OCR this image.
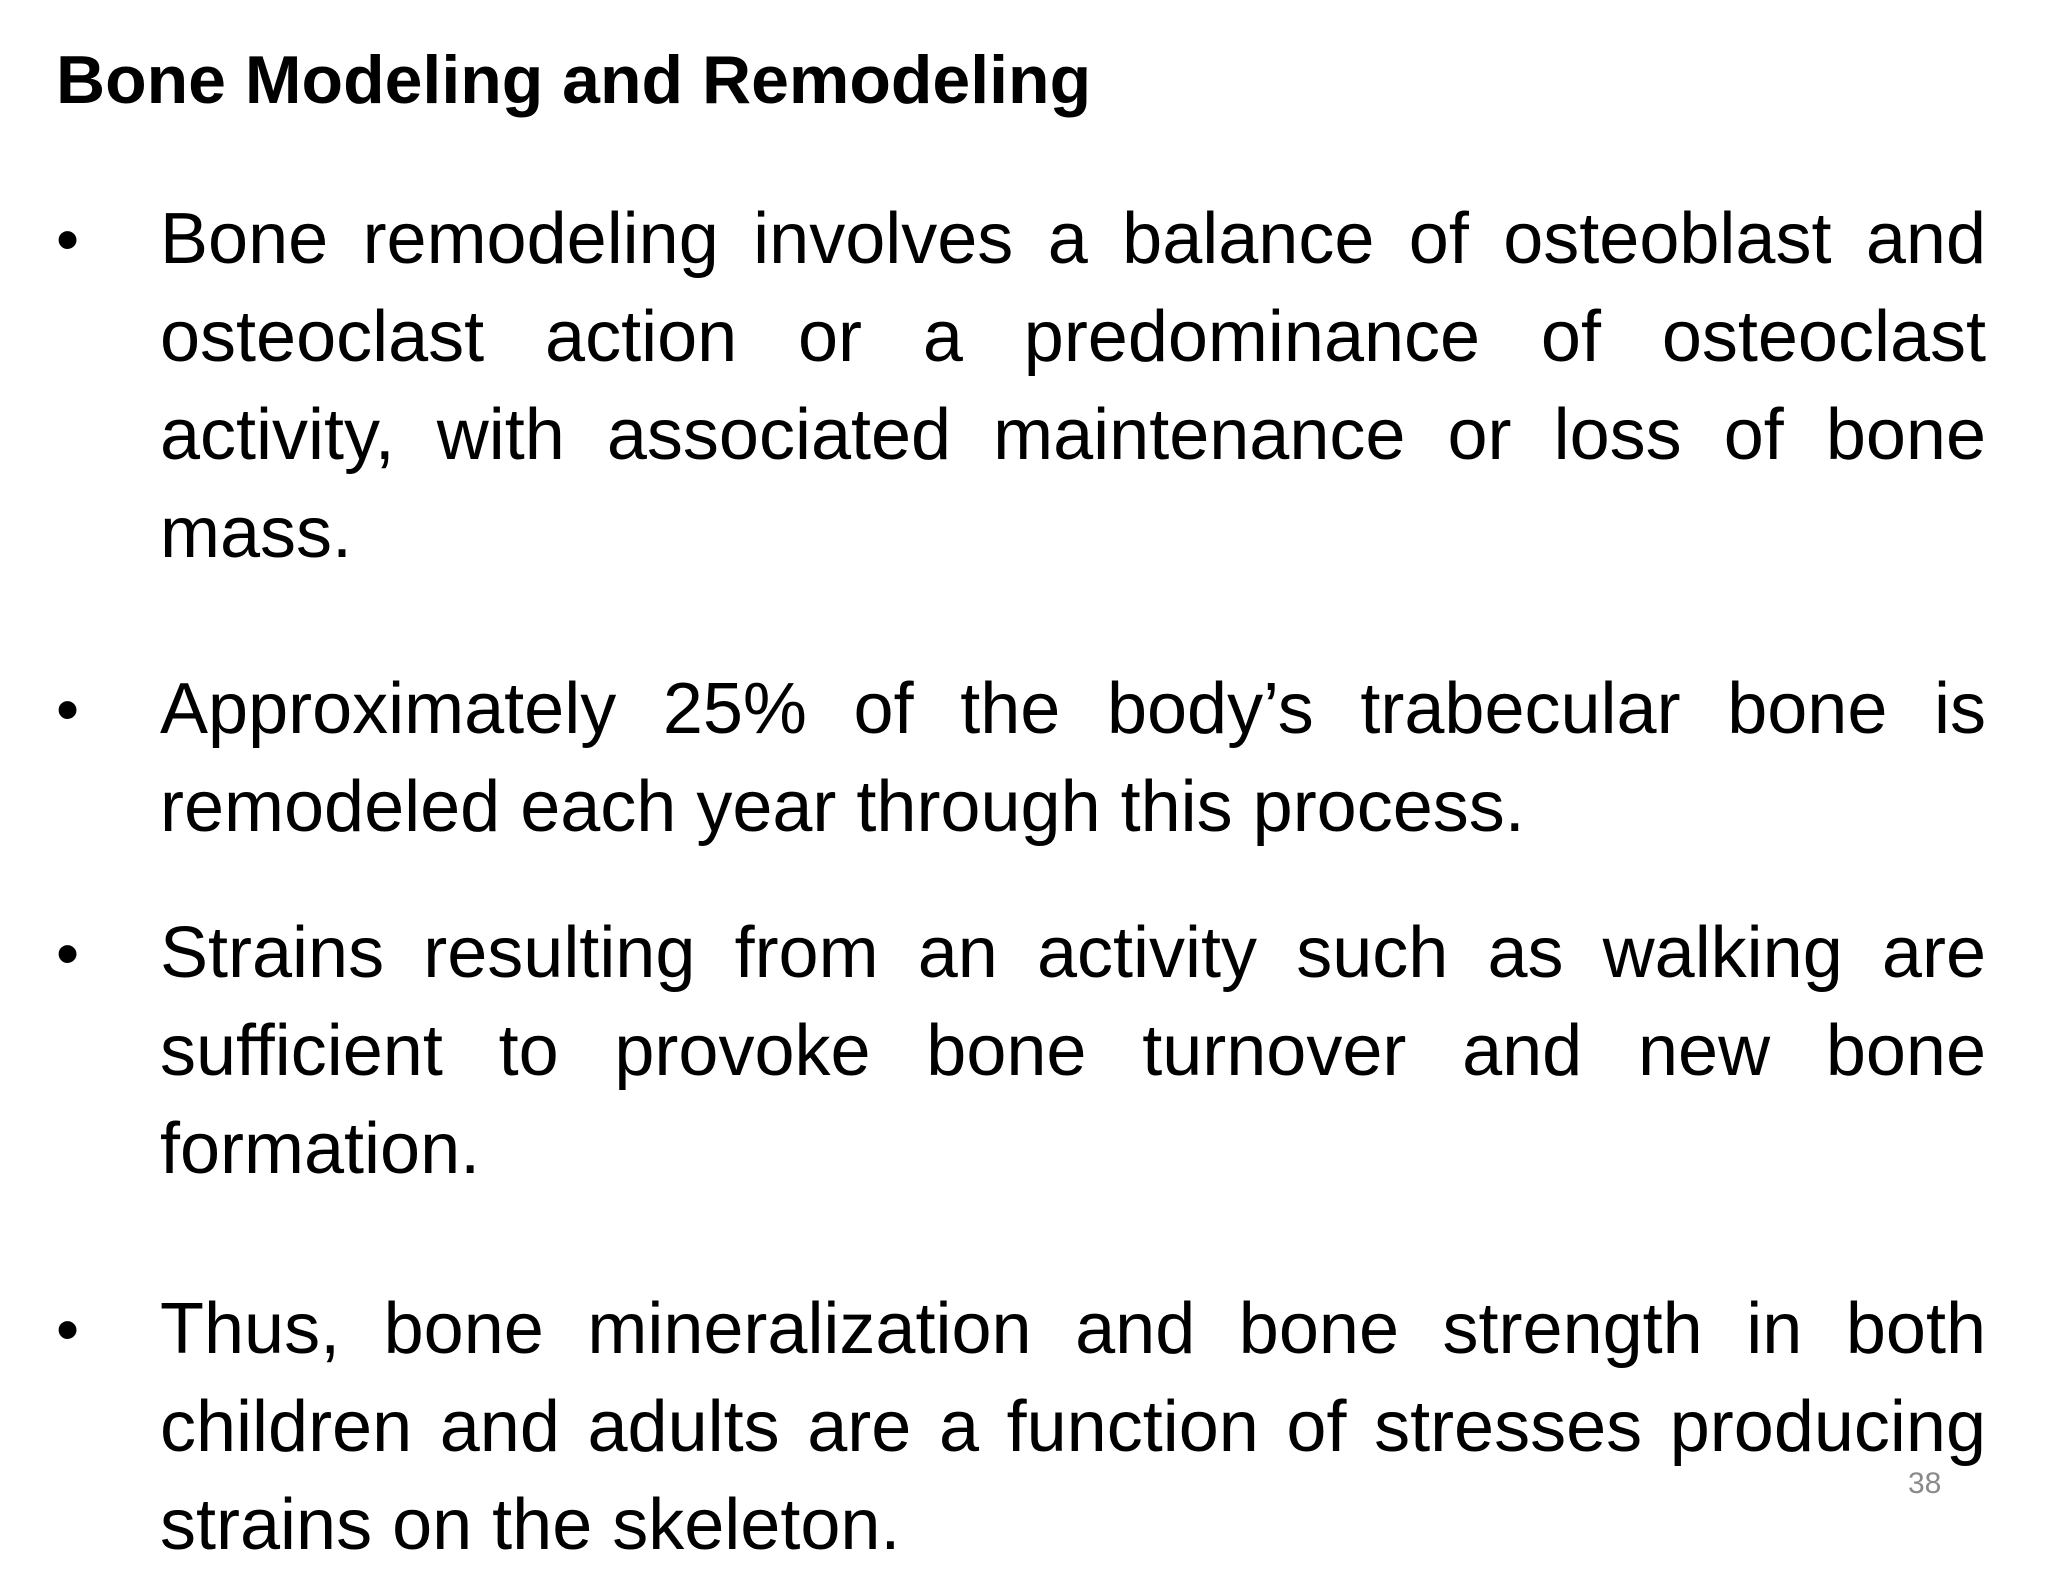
Bone Modeling and Remodeling
•	Bone remodeling involves a balance of osteoblast and osteoclast action or a predominance of osteoclast activity, with associated maintenance or loss of bone mass.

•	Approximately 25% of the body’s trabecular bone is remodeled each year through this process.

•	Strains resulting from an activity such as walking are sufficient to provoke bone turnover and new bone formation.

•	Thus, bone mineralization and bone strength in both children and adults are a function of stresses producing strains on the skeleton.

38
